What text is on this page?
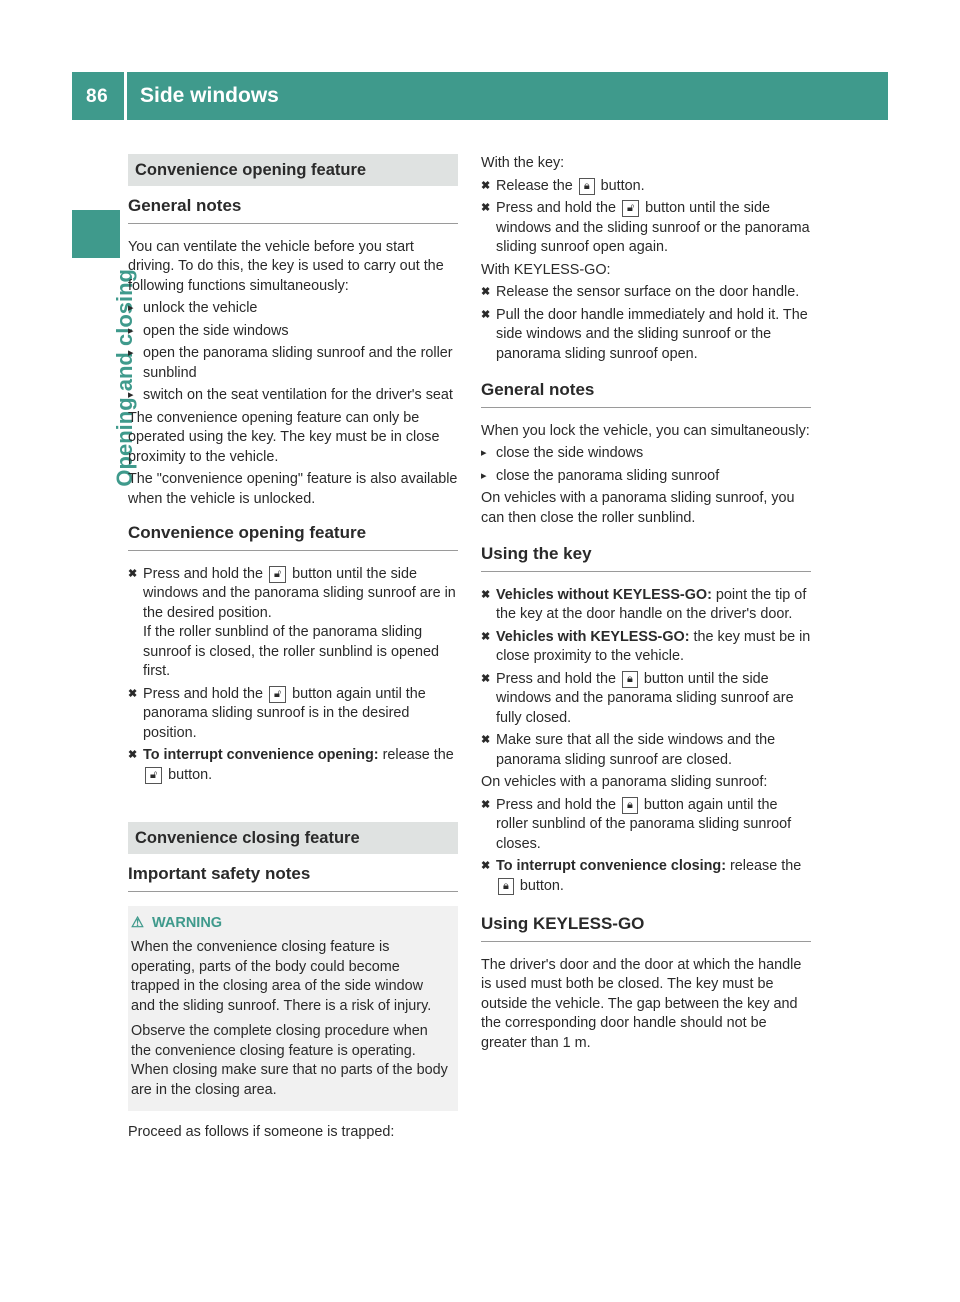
86 Side windows
Opening and closing
Convenience opening feature
General notes

You can ventilate the vehicle before you start driving. To do this, the key is used to carry out the following functions simultaneously:

▸ unlock the vehicle
▸ open the side windows
▸ open the panorama sliding sunroof and the roller sunblind
▸ switch on the seat ventilation for the driver's seat

The convenience opening feature can only be operated using the key. The key must be in close proximity to the vehicle.

The "convenience opening" feature is also available when the vehicle is unlocked.

Convenience opening feature
✖ Press and hold the 🔓︎ button until the side windows and the panorama sliding sunroof are in the desired position.
If the roller sunblind of the panorama sliding sunroof is closed, the roller sunblind is opened first.
✖ Press and hold the 🔓︎ button again until the panorama sliding sunroof is in the desired position.
✖ To interrupt convenience opening: release the 🔓︎ button.
Convenience closing feature
Important safety notes
⚠︎ WARNING

When the convenience closing feature is operating, parts of the body could become trapped in the closing area of the side window and the sliding sunroof. There is a risk of injury.

Observe the complete closing procedure when the convenience closing feature is operating. When closing make sure that no parts of the body are in the closing area.

Proceed as follows if someone is trapped:

With the key:

✖ Release the 🔒︎ button.
✖ Press and hold the 🔓︎ button until the side windows and the sliding sunroof or the panorama sliding sunroof open again.

With KEYLESS-GO:

✖ Release the sensor surface on the door handle.
✖ Pull the door handle immediately and hold it. The side windows and the sliding sunroof or the panorama sliding sunroof open.
General notes

When you lock the vehicle, you can simultaneously:

▸ close the side windows
▸ close the panorama sliding sunroof

On vehicles with a panorama sliding sunroof, you can then close the roller sunblind.

Using the key
✖ Vehicles without KEYLESS-GO: point the tip of the key at the door handle on the driver's door.
✖ Vehicles with KEYLESS-GO: the key must be in close proximity to the vehicle.
✖ Press and hold the 🔒︎ button until the side windows and the panorama sliding sunroof are fully closed.
✖ Make sure that all the side windows and the panorama sliding sunroof are closed.

On vehicles with a panorama sliding sunroof:

✖ Press and hold the 🔒︎ button again until the roller sunblind of the panorama sliding sunroof closes.
✖ To interrupt convenience closing: release the 🔒︎ button.
Using KEYLESS-GO

The driver's door and the door at which the handle is used must both be closed. The key must be outside the vehicle. The gap between the key and the corresponding door handle should not be greater than 1 m.
